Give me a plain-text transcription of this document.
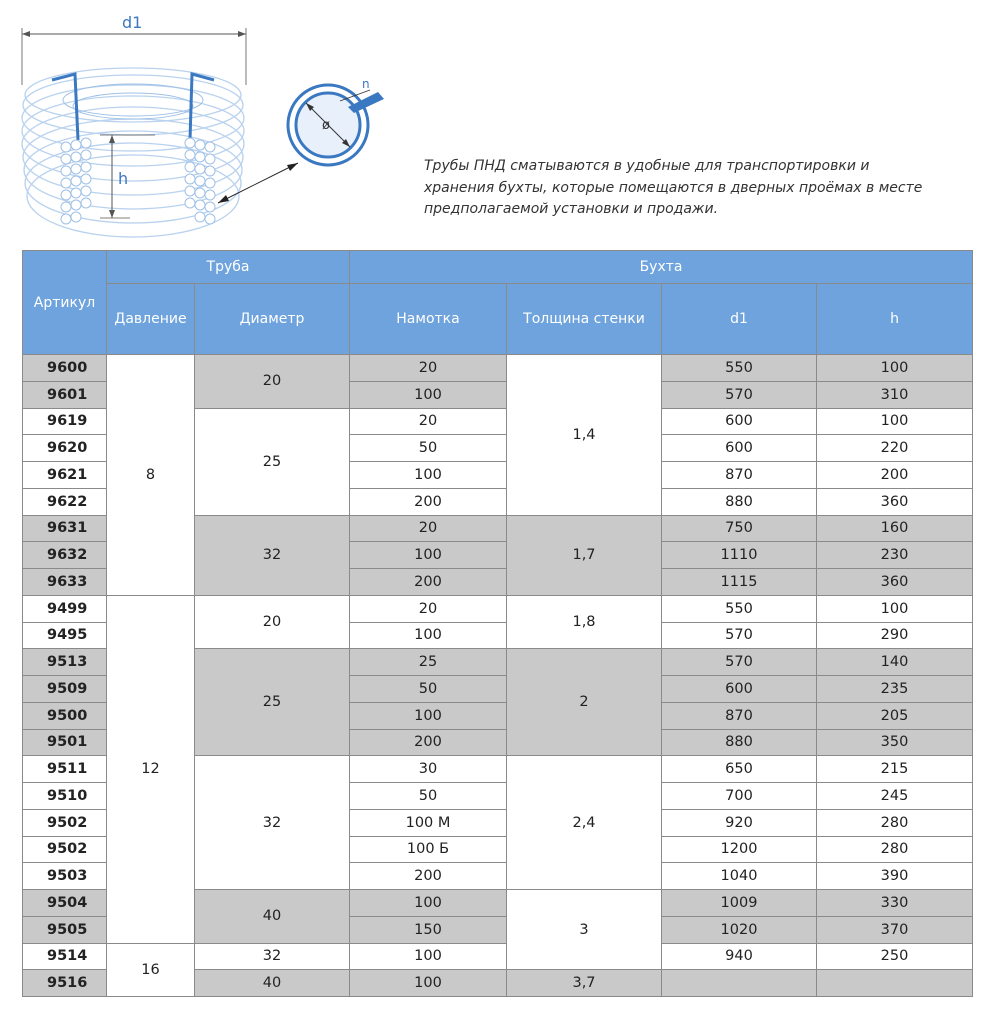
d1
h
ø
n
Трубы ПНД сматываются в удобные для транспортировки и
хранения бухты, которые помещаются в дверных проёмах в месте
предполагаемой установки и продажи.
Артикул	Труба		Бухта			
	Давление	Диаметр	Намотка	Толщина стенки	d1	h
9600	8	20	20	1,4	550	100
9601			100		570	310
9619		25	20		600	100
9620			50		600	220
9621			100		870	200
9622			200		880	360
9631		32	20	1,7	750	160
9632			100		1110	230
9633			200		1115	360
9499	12	20	20	1,8	550	100
9495			100		570	290
9513		25	25	2	570	140
9509			50		600	235
9500			100		870	205
9501			200		880	350
9511		32	30	2,4	650	215
9510			50		700	245
9502			100 М		920	280
9502			100 Б		1200	280
9503			200		1040	390
9504		40	100	3	1009	330
9505			150		1020	370
9514	16	32	100		940	250
9516		40	100	3,7		
